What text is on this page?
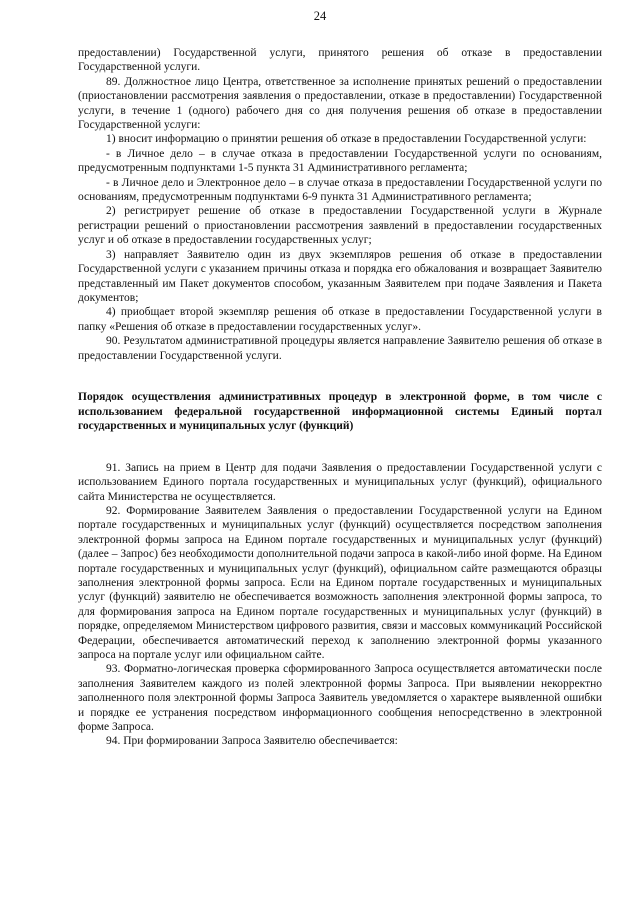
24

предоставлении) Государственной услуги, принятого решения об отказе в предоставлении Государственной услуги.

89. Должностное лицо Центра, ответственное за исполнение принятых решений о предоставлении (приостановлении рассмотрения заявления о предоставлении, отказе в предоставлении) Государственной услуги, в течение 1 (одного) рабочего дня со дня получения решения об отказе в предоставлении Государственной услуги:

1) вносит информацию о принятии решения об отказе в предоставлении Государственной услуги:

- в Личное дело – в случае отказа в предоставлении Государственной услуги по основаниям, предусмотренным подпунктами 1-5 пункта 31 Административного регламента;

- в Личное дело и Электронное дело – в случае отказа в предоставлении Государственной услуги по основаниям, предусмотренным подпунктами 6-9 пункта 31 Административного регламента;

2) регистрирует решение об отказе в предоставлении Государственной услуги в Журнале регистрации решений о приостановлении рассмотрения заявлений в предоставлении государственных услуг и об отказе в предоставлении государственных услуг;

3) направляет Заявителю один из двух экземпляров решения об отказе в предоставлении Государственной услуги с указанием причины отказа и порядка его обжалования и возвращает Заявителю представленный им Пакет документов способом, указанным Заявителем при подаче Заявления и Пакета документов;

4) приобщает второй экземпляр решения об отказе в предоставлении Государственной услуги в папку «Решения об отказе в предоставлении государственных услуг».

90. Результатом административной процедуры является направление Заявителю решения об отказе в предоставлении Государственной услуги.

Порядок осуществления административных процедур в электронной форме, в том числе с использованием федеральной государственной информационной системы Единый портал государственных и муниципальных услуг (функций)

91. Запись на прием в Центр для подачи Заявления о предоставлении Государственной услуги с использованием Единого портала государственных и муниципальных услуг (функций), официального сайта Министерства не осуществляется.

92. Формирование Заявителем Заявления о предоставлении Государственной услуги на Едином портале государственных и муниципальных услуг (функций) осуществляется посредством заполнения электронной формы запроса на Едином портале государственных и муниципальных услуг (функций) (далее – Запрос) без необходимости дополнительной подачи запроса в какой-либо иной форме. На Едином портале государственных и муниципальных услуг (функций), официальном сайте размещаются образцы заполнения электронной формы запроса. Если на Едином портале государственных и муниципальных услуг (функций) заявителю не обеспечивается возможность заполнения электронной формы запроса, то для формирования запроса на Едином портале государственных и муниципальных услуг (функций) в порядке, определяемом Министерством цифрового развития, связи и массовых коммуникаций Российской Федерации, обеспечивается автоматический переход к заполнению электронной формы указанного запроса на портале услуг или официальном сайте.

93. Форматно-логическая проверка сформированного Запроса осуществляется автоматически после заполнения Заявителем каждого из полей электронной формы Запроса. При выявлении некорректно заполненного поля электронной формы Запроса Заявитель уведомляется о характере выявленной ошибки и порядке ее устранения посредством информационного сообщения непосредственно в электронной форме Запроса.

94. При формировании Запроса Заявителю обеспечивается:
